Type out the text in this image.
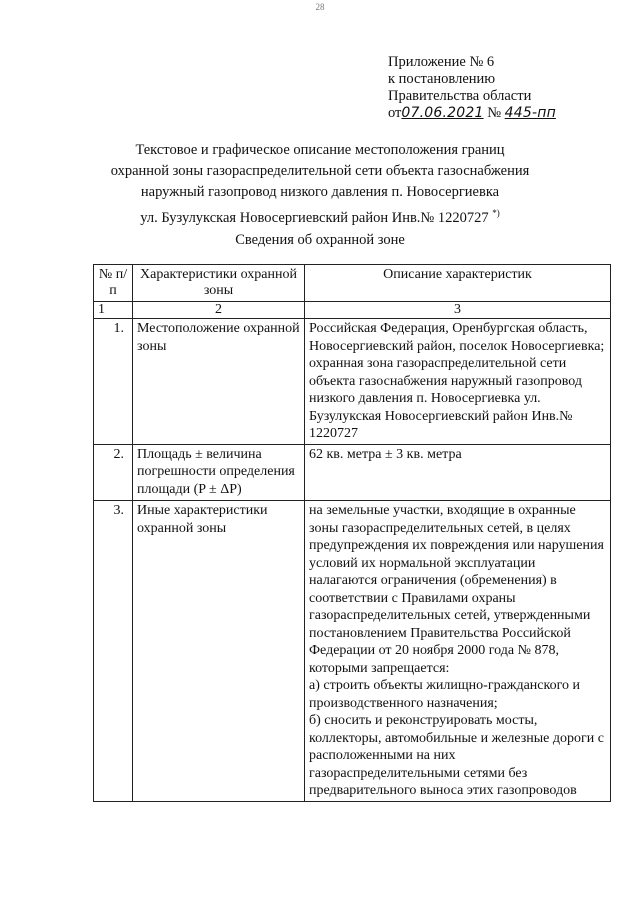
28
Приложение № 6
к постановлению
Правительства области
от07.06.2021 № 445-пп
Текстовое и графическое описание местоположения границ
охранной зоны газораспределительной сети объекта газоснабжения
наружный газопровод низкого давления п. Новосергиевка
ул. Бузулукская Новосергиевский район Инв.№ 1220727 *)
Сведения об охранной зоне
№ п/п	Характеристики охранной зоны	Описание характеристик
1	2	3
1.	Местоположение охранной зоны	Российская Федерация, Оренбургская область, Новосергиевский район, поселок Новосергиевка; охранная зона газораспределительной сети объекта газоснабжения наружный газопровод низкого давления п. Новосергиевка ул. Бузулукская Новосергиевский район Инв.№ 1220727
2.	Площадь ± величина погрешности определения площади (P ± ΔP)	62 кв. метра ± 3 кв. метра
3.	Иные характеристики охранной зоны	на земельные участки, входящие в охранные зоны газораспределительных сетей, в целях предупреждения их повреждения или нарушения условий их нормальной эксплуатации налагаются ограничения (обременения) в соответствии с Правилами охраны газораспределительных сетей, утвержденными постановлением Правительства Российской Федерации от 20 ноября 2000 года № 878, которыми запрещается:
а) строить объекты жилищно-гражданского и производственного назначения;
б) сносить и реконструировать мосты, коллекторы, автомобильные и железные дороги с расположенными на них газораспределительными сетями без предварительного выноса этих газопроводов
